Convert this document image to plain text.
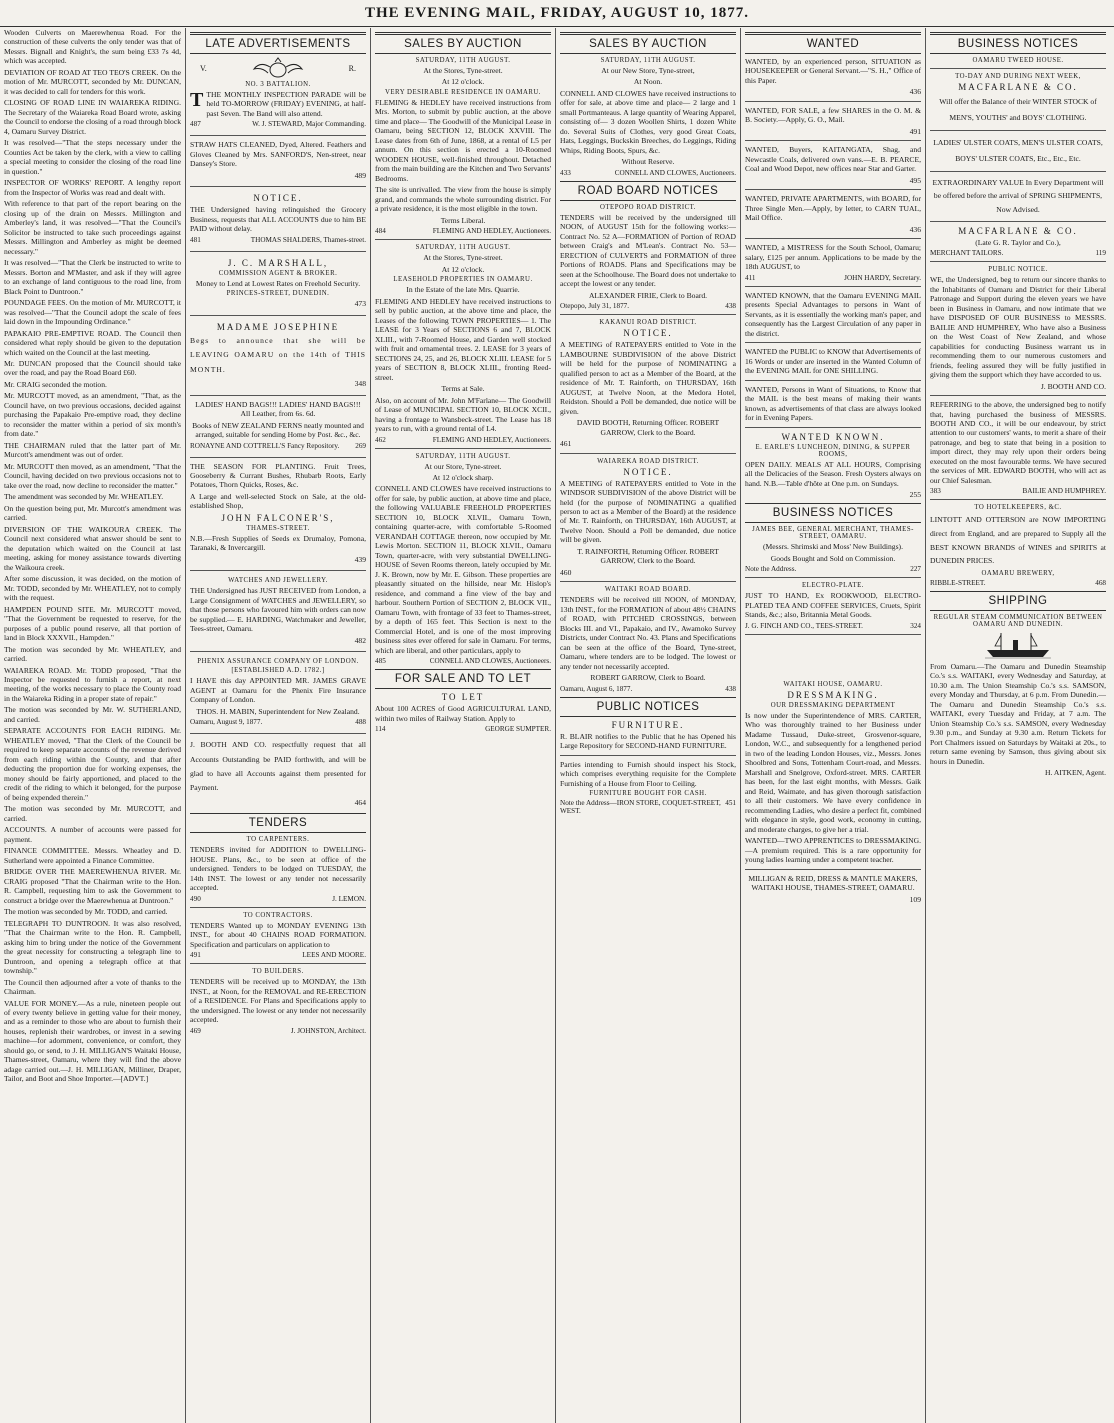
THE EVENING MAIL, FRIDAY, AUGUST 10, 1877.

Wooden Culverts on Maerewhenua Road. For the construction of these culverts the only tender was that of Messrs. Bignall and Knight's, the sum being £33 7s 4d, which was accepted.

DEVIATION OF ROAD AT TEO TEO'S CREEK. On the motion of Mr. MURCOTT, seconded by Mr. DUNCAN, it was decided to call for tenders for this work.

CLOSING OF ROAD LINE IN WAIAREKA RIDING. The Secretary of the Waiareka Road Board wrote, asking the Council to endorse the closing of a road through block 4, Oamaru Survey District.

It was resolved—"That the steps necessary under the Counties Act be taken by the clerk, with a view to calling a special meeting to consider the closing of the road line in question."

INSPECTOR OF WORKS' REPORT. A lengthy report from the Inspector of Works was read and dealt with.

With reference to that part of the report bearing on the closing up of the drain on Messrs. Millington and Amberley's land, it was resolved—"That the Council's Solicitor be instructed to take such proceedings against Messrs. Millington and Amberley as might be deemed necessary."

It was resolved—"That the Clerk be instructed to write to Messrs. Borton and M'Master, and ask if they will agree to an exchange of land contiguous to the road line, from Black Point to Duntroon."

POUNDAGE FEES. On the motion of Mr. MURCOTT, it was resolved—"That the Council adopt the scale of fees laid down in the Impounding Ordinance."

PAPAKAIO PRE-EMPTIVE ROAD. The Council then considered what reply should be given to the deputation which waited on the Council at the last meeting.

Mr. DUNCAN proposed that the Council should take over the road, and pay the Road Board £60.

Mr. CRAIG seconded the motion.

Mr. MURCOTT moved, as an amendment, "That, as the Council have, on two previous occasions, decided against purchasing the Papakaio Pre-emptive road, they decline to reconsider the matter within a period of six month's from date."

THE CHAIRMAN ruled that the latter part of Mr. Murcott's amendment was out of order.

Mr. MURCOTT then moved, as an amendment, "That the Council, having decided on two previous occasions not to take over the road, now decline to reconsider the matter."

The amendment was seconded by Mr. WHEATLEY.

On the question being put, Mr. Murcott's amendment was carried.

DIVERSION OF THE WAIKOURA CREEK. The Council next considered what answer should be sent to the deputation which waited on the Council at last meeting, asking for money assistance towards diverting the Waikoura creek.

After some discussion, it was decided, on the motion of Mr. TODD, seconded by Mr. WHEATLEY, not to comply with the request.

HAMPDEN POUND SITE. Mr. MURCOTT moved, "That the Government be requested to reserve, for the purposes of a public pound reserve, all that portion of land in Block XXXVII., Hampden."

The motion was seconded by Mr. WHEATLEY, and carried.

WAIAREKA ROAD. Mr. TODD proposed, "That the Inspector be requested to furnish a report, at next meeting, of the works necessary to place the County road in the Waiareka Riding in a proper state of repair."

The motion was seconded by Mr. W. SUTHERLAND, and carried.

SEPARATE ACCOUNTS FOR EACH RIDING. Mr. WHEATLEY moved, "That the Clerk of the Council be required to keep separate accounts of the revenue derived from each riding within the County, and that after deducting the proportion due for working expenses, the money should be fairly apportioned, and placed to the credit of the riding to which it belonged, for the purpose of being expended therein."

The motion was seconded by Mr. MURCOTT, and carried.

ACCOUNTS. A number of accounts were passed for payment.

FINANCE COMMITTEE. Messrs. Wheatley and D. Sutherland were appointed a Finance Committee.

BRIDGE OVER THE MAEREWHENUA RIVER. Mr. CRAIG proposed "That the Chairman write to the Hon. R. Campbell, requesting him to ask the Government to construct a bridge over the Maerewhenua at Duntroon."

The motion was seconded by Mr. TODD, and carried.

TELEGRAPH TO DUNTROON. It was also resolved, "That the Chairman write to the Hon. R. Campbell, asking him to bring under the notice of the Government the great necessity for constructing a telegraph line to Duntroon, and opening a telegraph office at that township."

The Council then adjourned after a vote of thanks to the Chairman.

VALUE FOR MONEY.—As a rule, nineteen people out of every twenty believe in getting value for their money, and as a reminder to those who are about to furnish their houses, replenish their wardrobes, or invest in a sewing machine—for adornment, convenience, or comfort, they should go, or send, to J. H. MILLIGAN'S Waitaki House, Thames-street, Oamaru, where they will find the above adage carried out.—J. H. MILLIGAN, Milliner, Draper, Tailor, and Boot and Shoe Importer.—[ADVT.]

LATE ADVERTISEMENTS
V.	R.
NO. 3 BATTALION.

TTHE MONTHLY INSPECTION PARADE will be held TO-MORROW (FRIDAY) EVENING, at half-past Seven. The Band will also attend.

487	W. J. STEWARD, Major Commanding.

STRAW HATS CLEANED, Dyed, Altered. Feathers and Gloves Cleaned by Mrs. SANFORD'S, Nen-street, near Dansey's Store.

489
NOTICE.

THE Undersigned having relinquished the Grocery Business, requests that ALL ACCOUNTS due to him BE PAID without delay.

481	THOMAS SHALDERS, Thames-street.
J. C. MARSHALL,
COMMISSION AGENT & BROKER.

Money to Lend at Lowest Rates on Freehold Security.

PRINCES-STREET, DUNEDIN.
473
MADAME JOSEPHINE

Begs to announce that she will be LEAVING OAMARU on the 14th of THIS MONTH.

348

LADIES' HAND BAGS!!! LADIES' HAND BAGS!!! All Leather, from 6s. 6d.

Books of NEW ZEALAND FERNS neatly mounted and arranged, suitable for sending Home by Post. &c., &c.

RONAYNE AND COTTRELL'S Fancy Repository. 269

THE SEASON FOR PLANTING. Fruit Trees, Gooseberry & Currant Bushes, Rhubarb Roots, Early Potatoes, Thorn Quicks, Roses, &c.

A Large and well-selected Stock on Sale, at the old-established Shop,

JOHN FALCONER'S,
THAMES-STREET.

N.B.—Fresh Supplies of Seeds ex Drumaloy, Pomona, Taranaki, & Invercargill.

439
WATCHES AND JEWELLERY.

THE Undersigned has JUST RECEIVED from London, a Large Consignment of WATCHES and JEWELLERY, so that those persons who favoured him with orders can now be supplied.— E. HARDING, Watchmaker and Jeweller, Tees-street, Oamaru.

482
PHENIX ASSURANCE COMPANY OF LONDON.
[ESTABLISHED A.D. 1782.]

I HAVE this day APPOINTED MR. JAMES GRAVE AGENT at Oamaru for the Phenix Fire Insurance Company of London.

THOS. H. MABIN, Superintendent for New Zealand.

Oamaru, August 9, 1877.	488

J. BOOTH AND CO. respectfully request that all Accounts Outstanding be PAID forthwith, and will be glad to have all Accounts against them presented for Payment.

464
TENDERS
TO CARPENTERS.

TENDERS invited for ADDITION to DWELLING-HOUSE. Plans, &c., to be seen at office of the undersigned. Tenders to be lodged on TUESDAY, the 14th INST. The lowest or any tender not necessarily accepted.

490	J. LEMON.
TO CONTRACTORS.

TENDERS Wanted up to MONDAY EVENING 13th INST., for about 40 CHAINS ROAD FORMATION. Specification and particulars on application to

491	LEES AND MOORE.
TO BUILDERS.

TENDERS will be received up to MONDAY, the 13th INST., at Noon, for the REMOVAL and RE-ERECTION of a RESIDENCE. For Plans and Specifications apply to the undersigned. The lowest or any tender not necessarily accepted.

469	J. JOHNSTON, Architect.
SALES BY AUCTION
SATURDAY, 11TH AUGUST.

At the Stores, Tyne-street.

At 12 o'clock.

VERY DESIRABLE RESIDENCE IN OAMARU.

FLEMING & HEDLEY have received instructions from Mrs. Morton, to submit by public auction, at the above time and place— The Goodwill of the Municipal Lease in Oamaru, being SECTION 12, BLOCK XXVIII. The Lease dates from 6th of June, 1868, at a rental of L5 per annum. On this section is erected a 10-Roomed WOODEN HOUSE, well-finished throughout. Detached from the main building are the Kitchen and Two Servants' Bedrooms.

The site is unrivalled. The view from the house is simply grand, and commands the whole surrounding district. For a private residence, it is the most eligible in the town.

Terms Liberal.

484	FLEMING AND HEDLEY, Auctioneers.
SATURDAY, 11TH AUGUST.

At the Stores, Tyne-street.

At 12 o'clock.

LEASEHOLD PROPERTIES IN OAMARU.

In the Estate of the late Mrs. Quarrie.

FLEMING AND HEDLEY have received instructions to sell by public auction, at the above time and place, the Leases of the following TOWN PROPERTIES— 1. The LEASE for 3 Years of SECTIONS 6 and 7, BLOCK XLIII., with 7-Roomed House, and Garden well stocked with fruit and ornamental trees. 2. LEASE for 3 years of SECTIONS 24, 25, and 26, BLOCK XLIII. LEASE for 5 years of SECTION 8, BLOCK XLIII., fronting Reed-street.

Terms at Sale.

Also, on account of Mr. John M'Farlane— The Goodwill of Lease of MUNICIPAL SECTION 10, BLOCK XCII., having a frontage to Wansbeck-street. The Lease has 18 years to run, with a ground rental of L4.

462	FLEMING AND HEDLEY, Auctioneers.
SATURDAY, 11TH AUGUST.

At our Store, Tyne-street.

At 12 o'clock sharp.

CONNELL AND CLOWES have received instructions to offer for sale, by public auction, at above time and place, the following VALUABLE FREEHOLD PROPERTIES SECTION 10, BLOCK XLVII., Oamaru Town, containing quarter-acre, with comfortable 5-Roomed VERANDAH COTTAGE thereon, now occupied by Mr. Lewis Morton. SECTION 11, BLOCK XLVII., Oamaru Town, quarter-acre, with very substantial DWELLING-HOUSE of Seven Rooms thereon, lately occupied by Mr. J. K. Brown, now by Mr. E. Gibson. These properties are pleasantly situated on the hillside, near Mr. Hislop's residence, and command a fine view of the bay and harbour. Southern Portion of SECTION 2, BLOCK VII., Oamaru Town, with frontage of 33 feet to Thames-street, by a depth of 165 feet. This Section is next to the Commercial Hotel, and is one of the most improving business sites ever offered for sale in Oamaru. For terms, which are liberal, and other particulars, apply to

485	CONNELL AND CLOWES, Auctioneers.
FOR SALE AND TO LET
TO LET

About 100 ACRES of Good AGRICULTURAL LAND, within two miles of Railway Station. Apply to

114	GEORGE SUMPTER.
SALES BY AUCTION
SATURDAY, 11TH AUGUST.

At our New Store, Tyne-street,

At Noon.

CONNELL AND CLOWES have received instructions to offer for sale, at above time and place— 2 large and 1 small Portmanteaus. A large quantity of Wearing Apparel, consisting of— 3 dozen Woollen Shirts, 1 dozen White do. Several Suits of Clothes, very good Great Coats, Hats, Leggings, Buckskin Breeches, do Leggings, Riding Whips, Riding Boots, Spurs, &c.

Without Reserve.

433	CONNELL AND CLOWES, Auctioneers.
ROAD BOARD NOTICES
OTEPOPO ROAD DISTRICT.

TENDERS will be received by the undersigned till NOON, of AUGUST 15th for the following works:— Contract No. 52 A—FORMATION of Portion of ROAD between Craig's and M'Lean's. Contract No. 53—ERECTION of CULVERTS and FORMATION of three Portions of ROADS. Plans and Specifications may be seen at the Schoolhouse. The Board does not undertake to accept the lowest or any tender.

ALEXANDER FIRIE, Clerk to Board.

Otepopo, July 31, 1877.	438
KAKANUI ROAD DISTRICT.
NOTICE.

A MEETING of RATEPAYERS entitled to Vote in the LAMBOURNE SUBDIVISION of the above District will be held for the purpose of NOMINATING a qualified person to act as a Member of the Board, at the residence of Mr. T. Rainforth, on THURSDAY, 16th AUGUST, at Twelve Noon, at the Medora Hotel, Reidston. Should a Poll be demanded, due notice will be given.

DAVID BOOTH, Returning Officer. ROBERT GARROW, Clerk to the Board.

461
WAIAREKA ROAD DISTRICT.
NOTICE.

A MEETING of RATEPAYERS entitled to Vote in the WINDSOR SUBDIVISION of the above District will be held (for the purpose of NOMINATING a qualified person to act as a Member of the Board) at the residence of Mr. T. Rainforth, on THURSDAY, 16th AUGUST, at Twelve Noon. Should a Poll be demanded, due notice will be given.

T. RAINFORTH, Returning Officer. ROBERT GARROW, Clerk to the Board.

460
WAITAKI ROAD BOARD.

TENDERS will be received till NOON, of MONDAY, 13th INST., for the FORMATION of about 48½ CHAINS of ROAD, with PITCHED CROSSINGS, between Blocks III. and VI., Papakaio, and IV., Awamoko Survey Districts, under Contract No. 43. Plans and Specifications can be seen at the office of the Board, Tyne-street, Oamaru, where tenders are to be lodged. The lowest or any tender not necessarily accepted.

ROBERT GARROW, Clerk to Board.

Oamaru, August 6, 1877.	438
PUBLIC NOTICES
FURNITURE.

R. BLAIR notifies to the Public that he has Opened his Large Repository for SECOND-HAND FURNITURE.

Parties intending to Furnish should inspect his Stock, which comprises everything requisite for the Complete Furnishing of a House from Floor to Ceiling.

FURNITURE BOUGHT FOR CASH.
Note the Address—IRON STORE, COQUET-STREET, WEST.
451
WANTED

WANTED, by an experienced person, SITUATION as HOUSEKEEPER or General Servant.—"S. H.," Office of this Paper.

436

WANTED, FOR SALE, a few SHARES in the O. M. & B. Society.—Apply, G. O., Mail.

491

WANTED, Buyers, KAITANGATA, Shag, and Newcastle Coals, delivered own vans.—E. B. PEARCE, Coal and Wood Depot, new offices near Star and Garter.

495

WANTED, PRIVATE APARTMENTS, with BOARD, for Three Single Men.—Apply, by letter, to CARN TUAL, Mail Office.

436

WANTED, a MISTRESS for the South School, Oamaru; salary, £125 per annum. Applications to be made by the 18th AUGUST, to

411	JOHN HARDY, Secretary.

WANTED KNOWN, that the Oamaru EVENING MAIL presents Special Advantages to persons in Want of Servants, as it is essentially the working man's paper, and consequently has the Largest Circulation of any paper in the district.

WANTED the PUBLIC to KNOW that Advertisements of 16 Words or under are inserted in the Wanted Column of the EVENING MAIL for ONE SHILLING.

WANTED, Persons in Want of Situations, to Know that the MAIL is the best means of making their wants known, as advertisements of that class are always looked for in Evening Papers.

WANTED KNOWN.
E. EARLE'S LUNCHEON, DINING, & SUPPER ROOMS,

OPEN DAILY. MEALS AT ALL HOURS, Comprising all the Delicacies of the Season. Fresh Oysters always on hand. N.B.—Table d'hôte at One p.m. on Sundays.

255
BUSINESS NOTICES
JAMES BEE, GENERAL MERCHANT, THAMES-STREET, OAMARU.

(Messrs. Shrimski and Moss' New Buildings).

Goods Bought and Sold on Commission.

Note the Address.	227
ELECTRO-PLATE.

JUST TO HAND, Ex ROOKWOOD, ELECTRO-PLATED TEA AND COFFEE SERVICES, Cruets, Spirit Stands, &c.; also, Britannia Metal Goods.

J. G. FINCH AND CO., TEES-STREET.	324
WAITAKI HOUSE, OAMARU.
DRESSMAKING.
OUR DRESSMAKING DEPARTMENT

Is now under the Superintendence of MRS. CARTER, Who was thoroughly trained to her Business under Madame Tussaud, Duke-street, Grosvenor-square, London, W.C., and subsequently for a lengthened period in two of the leading London Houses, viz., Messrs. Jones Shoolbred and Sons, Tottenham Court-road, and Messrs. Marshall and Snelgrove, Oxford-street. MRS. CARTER has been, for the last eight months, with Messrs. Gaik and Reid, Waimate, and has given thorough satisfaction to all their customers. We have every confidence in recommending Ladies, who desire a perfect fit, combined with elegance in style, good work, economy in cutting, and moderate charges, to give her a trial.

WANTED—TWO APPRENTICES to DRESSMAKING.—A premium required. This is a rare opportunity for young ladies learning under a competent teacher.

MILLIGAN & REID, DRESS & MANTLE MAKERS, WAITAKI HOUSE, THAMES-STREET, OAMARU.

109
BUSINESS NOTICES
OAMARU TWEED HOUSE.
TO-DAY AND DURING NEXT WEEK,
MACFARLANE & CO.

Will offer the Balance of their WINTER STOCK of MEN'S, YOUTHS' and BOYS' CLOTHING.

LADIES' ULSTER COATS, MEN'S ULSTER COATS, BOYS' ULSTER COATS, Etc., Etc., Etc.

EXTRAORDINARY VALUE In Every Department will be offered before the arrival of SPRING SHIPMENTS, Now Advised.

MACFARLANE & CO.

(Late G. R. Taylor and Co.),

MERCHANT TAILORS.	119
PUBLIC NOTICE.

WE, the Undersigned, beg to return our sincere thanks to the Inhabitants of Oamaru and District for their Liberal Patronage and Support during the eleven years we have been in Business in Oamaru, and now intimate that we have DISPOSED OF OUR BUSINESS to MESSRS. BAILIE AND HUMPHREY, Who have also a Business on the West Coast of New Zealand, and whose capabilities for conducting Business warrant us in recommending them to our numerous customers and friends, feeling assured they will be fully justified in giving them the support which they have accorded to us.

J. BOOTH AND CO.

REFERRING to the above, the undersigned beg to notify that, having purchased the business of MESSRS. BOOTH AND CO., it will be our endeavour, by strict attention to our customers' wants, to merit a share of their patronage, and beg to state that being in a position to import direct, they may rely upon their orders being executed on the most favourable terms. We have secured the services of MR. EDWARD BOOTH, who will act as our Chief Salesman.

383	BAILIE AND HUMPHREY.
TO HOTELKEEPERS, &C.

LINTOTT AND OTTERSON are NOW IMPORTING direct from England, and are prepared to Supply all the BEST KNOWN BRANDS of WINES and SPIRITS at DUNEDIN PRICES.

OAMARU BREWERY,
RIBBLE-STREET.	468
SHIPPING
REGULAR STEAM COMMUNICATION BETWEEN OAMARU AND DUNEDIN.

From Oamaru.—The Oamaru and Dunedin Steamship Co.'s s.s. WAITAKI, every Wednesday and Saturday, at 10.30 a.m. The Union Steamship Co.'s s.s. SAMSON, every Monday and Thursday, at 6 p.m. From Dunedin.—The Oamaru and Dunedin Steamship Co.'s s.s. WAITAKI, every Tuesday and Friday, at 7 a.m. The Union Steamship Co.'s s.s. SAMSON, every Wednesday 9.30 p.m., and Sunday at 9.30 a.m. Return Tickets for Port Chalmers issued on Saturdays by Waitaki at 20s., to return same evening by Samson, thus giving about six hours in Dunedin.

H. AITKEN, Agent.
